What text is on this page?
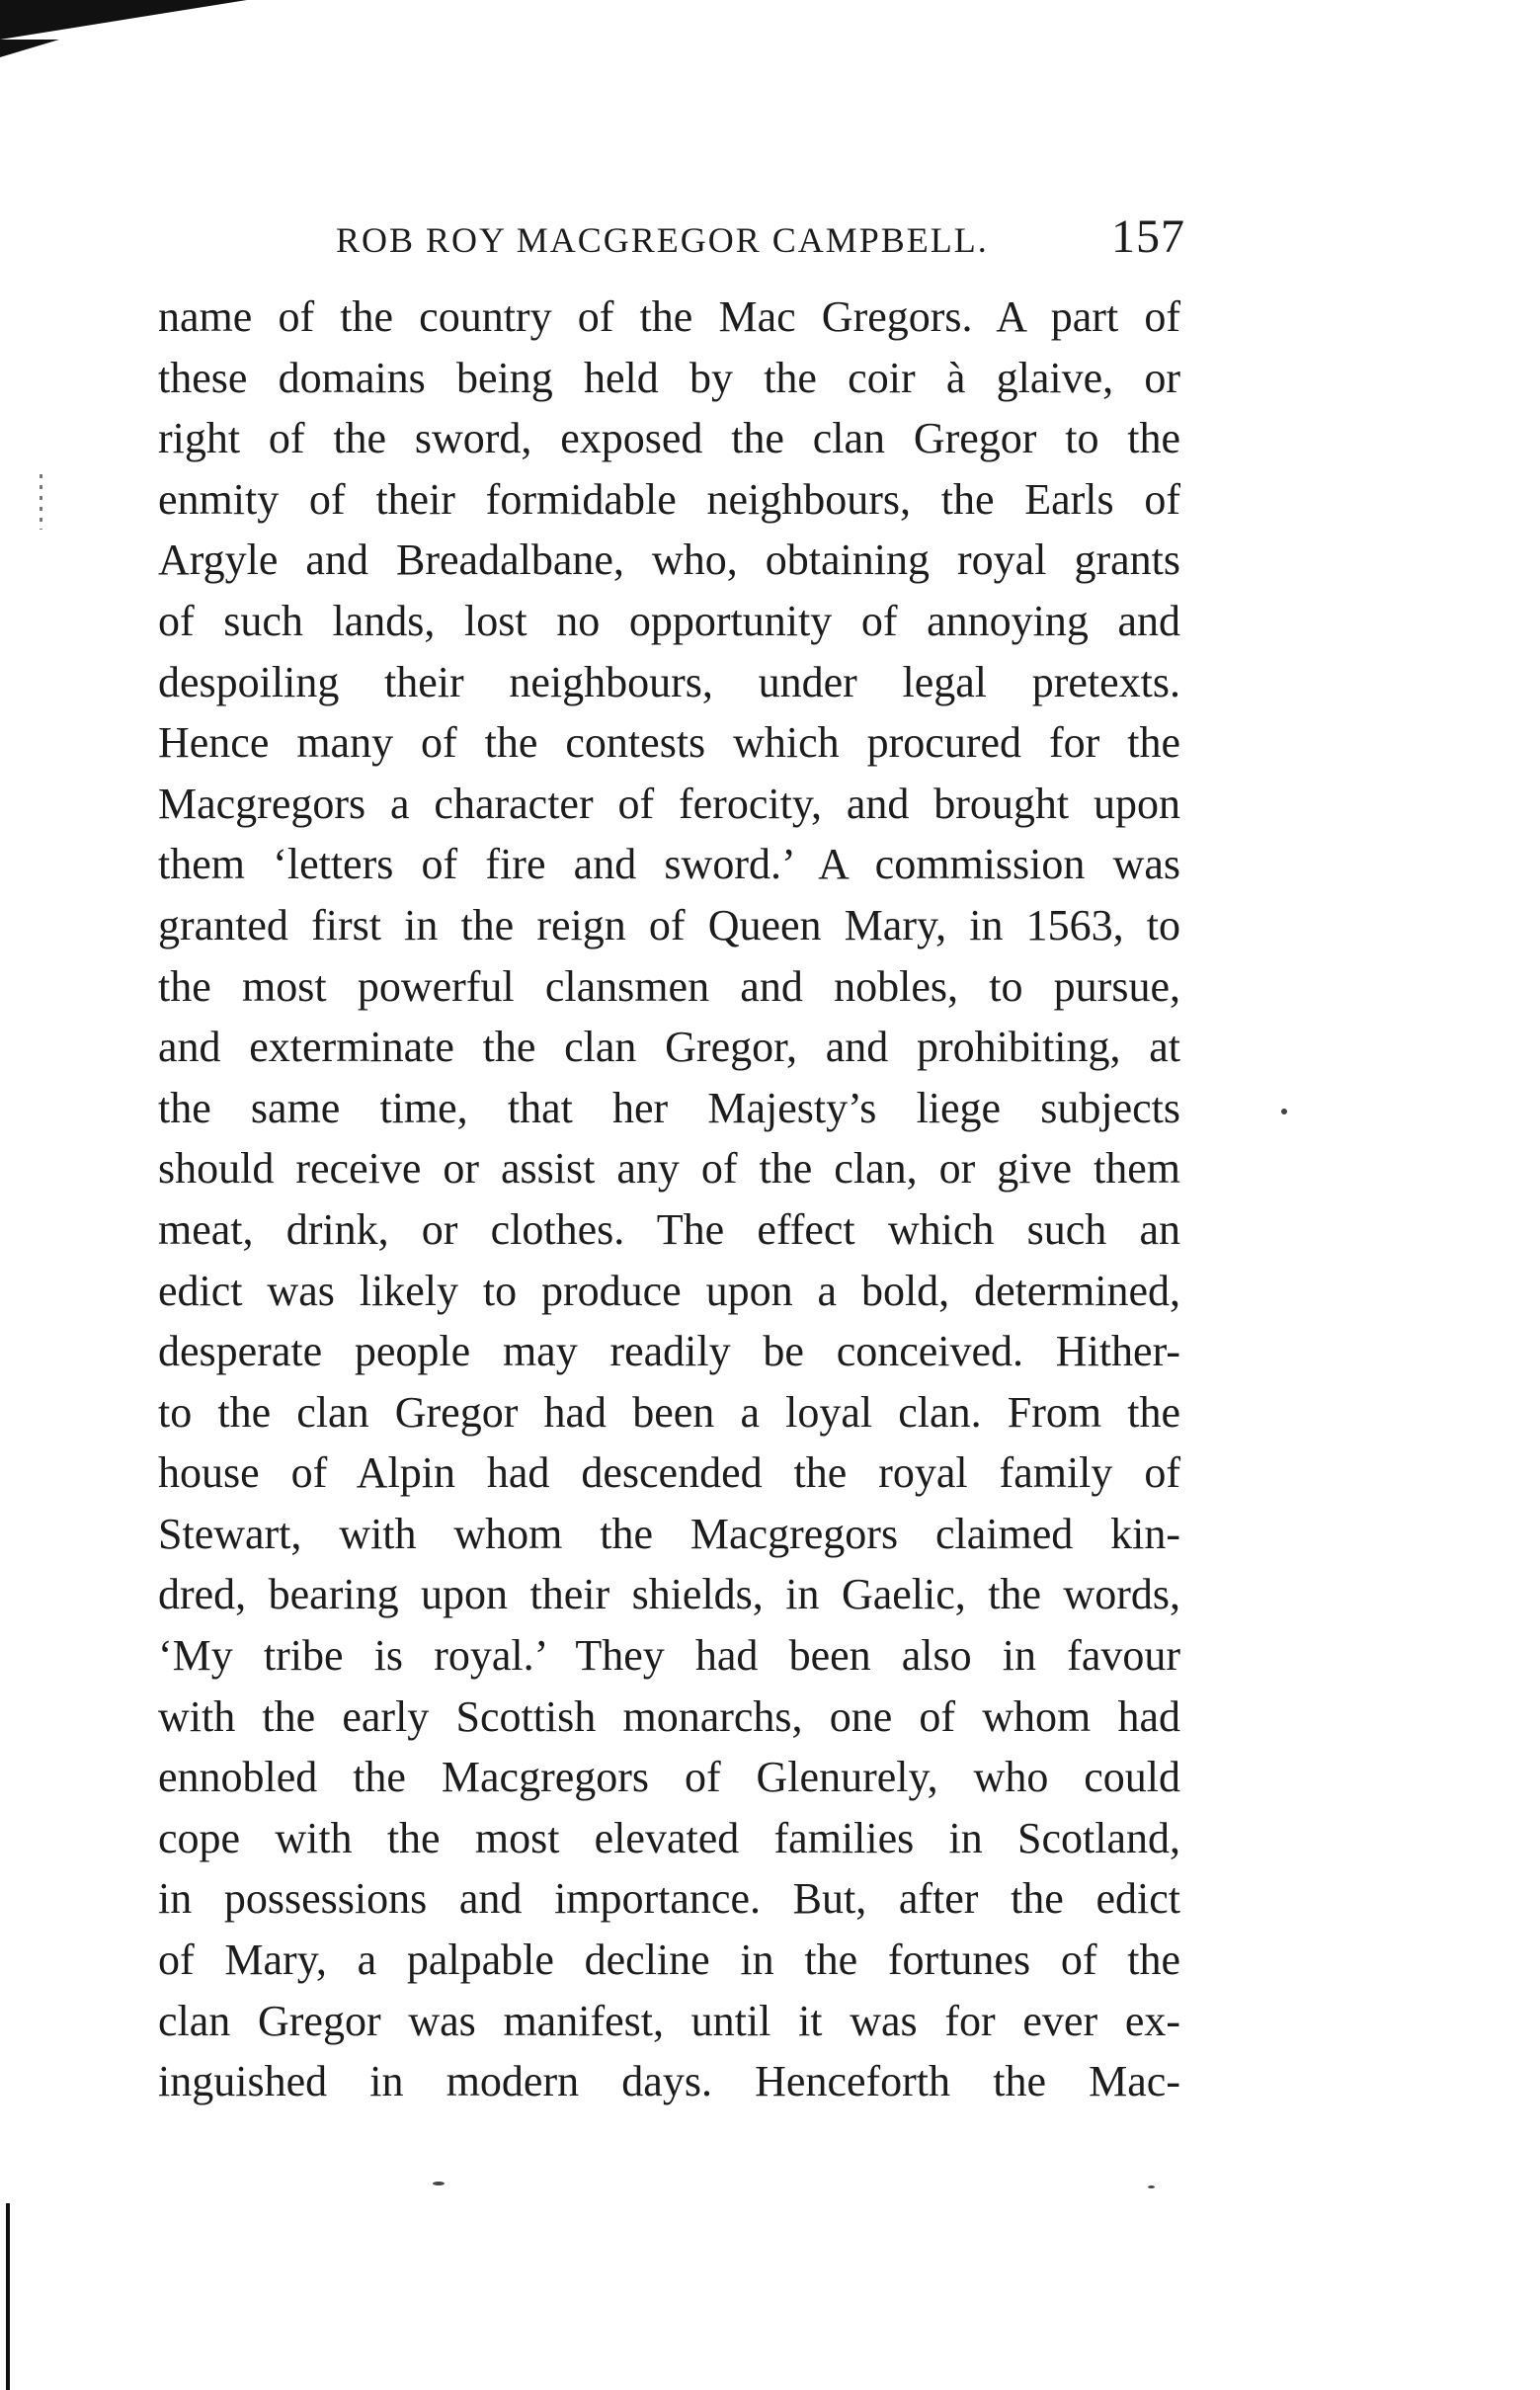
ROB ROY MACGREGOR CAMPBELL.	157
name of the country of the Mac Gregors. A part of
these domains being held by the coir à glaive, or
right of the sword, exposed the clan Gregor to the
enmity of their formidable neighbours, the Earls of
Argyle and Breadalbane, who, obtaining royal grants
of such lands, lost no opportunity of annoying and
despoiling their neighbours, under legal pretexts.
Hence many of the contests which procured for the
Macgregors a character of ferocity, and brought upon
them ‘letters of fire and sword.’ A commission was
granted first in the reign of Queen Mary, in 1563, to
the most powerful clansmen and nobles, to pursue,
and exterminate the clan Gregor, and prohibiting, at
the same time, that her Majesty’s liege subjects
should receive or assist any of the clan, or give them
meat, drink, or clothes. The effect which such an
edict was likely to produce upon a bold, determined,
desperate people may readily be conceived. Hither-
to the clan Gregor had been a loyal clan. From the
house of Alpin had descended the royal family of
Stewart, with whom the Macgregors claimed kin-
dred, bearing upon their shields, in Gaelic, the words,
‘My tribe is royal.’ They had been also in favour
with the early Scottish monarchs, one of whom had
ennobled the Macgregors of Glenurely, who could
cope with the most elevated families in Scotland,
in possessions and importance. But, after the edict
of Mary, a palpable decline in the fortunes of the
clan Gregor was manifest, until it was for ever ex-
inguished in modern days. Henceforth the Mac-
